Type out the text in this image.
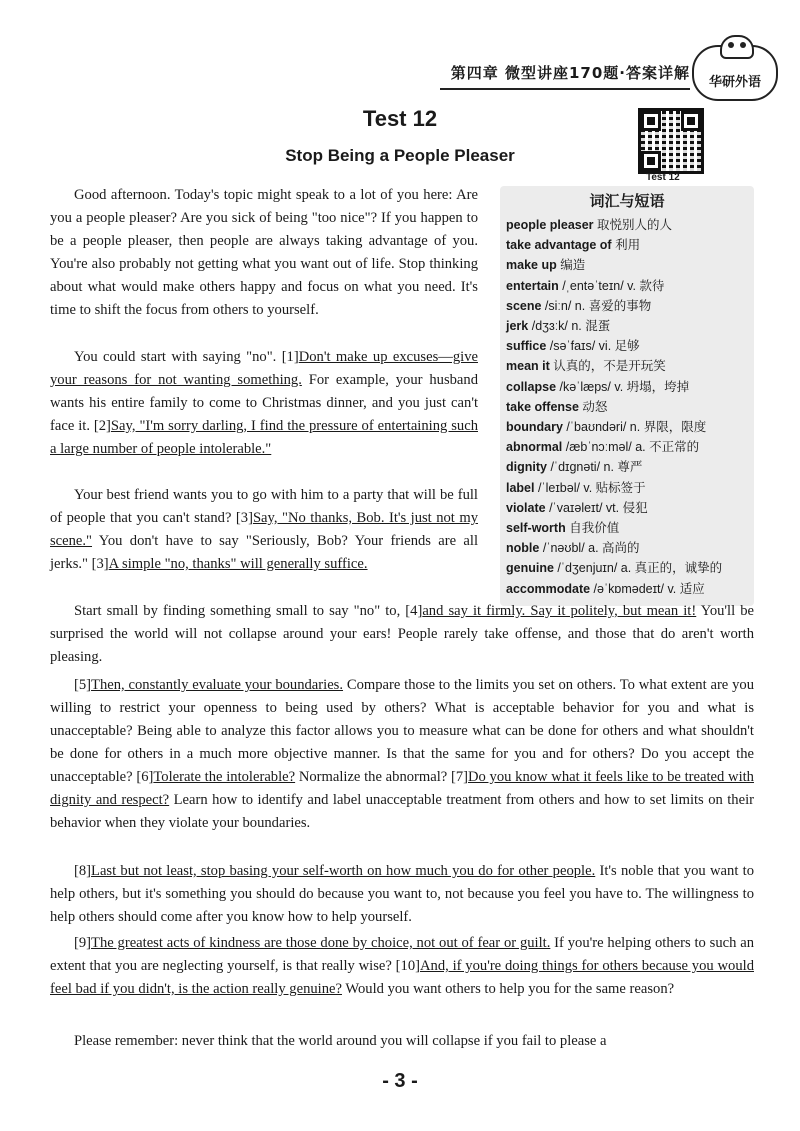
第四章 微型讲座170题·答案详解 华研外语
Test 12
Stop Being a People Pleaser
Test 12
词汇与短语
people pleaser 取悦别人的人
take advantage of 利用
make up 编造
entertain /ˌentəˈteɪn/ v. 款待
scene /siːn/ n. 喜爱的事物
jerk /dʒɜːk/ n. 混蛋
suffice /səˈfaɪs/ vi. 足够
mean it 认真的，不是开玩笑
collapse /kəˈlæps/ v. 坍塌，垮掉
take offense 动怒
boundary /ˈbaʊndəri/ n. 界限，限度
abnormal /æbˈnɔːməl/ a. 不正常的
dignity /ˈdɪɡnəti/ n. 尊严
label /ˈleɪbəl/ v. 贴标签于
violate /ˈvaɪəleɪt/ vt. 侵犯
self-worth 自我价值
noble /ˈnəʊbl/ a. 高尚的
genuine /ˈdʒenjuɪn/ a. 真正的，诚挚的
accommodate /əˈkɒmədeɪt/ v. 适应
Good afternoon. Today's topic might speak to a lot of you here: Are you a people pleaser? Are you sick of being "too nice"? If you happen to be a people pleaser, then people are always taking advantage of you. You're also probably not getting what you want out of life. Stop thinking about what would make others happy and focus on what you need. It's time to shift the focus from others to yourself.
You could start with saying "no". [1]Don't make up excuses—give your reasons for not wanting something. For example, your husband wants his entire family to come to Christmas dinner, and you just can't face it. [2]Say, "I'm sorry darling, I find the pressure of entertaining such a large number of people intolerable."
Your best friend wants you to go with him to a party that will be full of people that you can't stand? [3]Say, "No thanks, Bob. It's just not my scene." You don't have to say "Seriously, Bob? Your friends are all jerks." [3]A simple "no, thanks" will generally suffice.
Start small by finding something small to say "no" to, [4]and say it firmly. Say it politely, but mean it! You'll be surprised the world will not collapse around your ears! People rarely take offense, and those that do aren't worth pleasing.
[5]Then, constantly evaluate your boundaries. Compare those to the limits you set on others. To what extent are you willing to restrict your openness to being used by others? What is acceptable behavior for you and what is unacceptable? Being able to analyze this factor allows you to measure what can be done for others and what shouldn't be done for others in a much more objective manner. Is that the same for you and for others? Do you accept the unacceptable? [6]Tolerate the intolerable? Normalize the abnormal? [7]Do you know what it feels like to be treated with dignity and respect? Learn how to identify and label unacceptable treatment from others and how to set limits on their behavior when they violate your boundaries.
[8]Last but not least, stop basing your self-worth on how much you do for other people. It's noble that you want to help others, but it's something you should do because you want to, not because you feel you have to. The willingness to help others should come after you know how to help yourself.
[9]The greatest acts of kindness are those done by choice, not out of fear or guilt. If you're helping others to such an extent that you are neglecting yourself, is that really wise? [10]And, if you're doing things for others because you would feel bad if you didn't, is the action really genuine? Would you want others to help you for the same reason?
Please remember: never think that the world around you will collapse if you fail to please a
- 3 -
